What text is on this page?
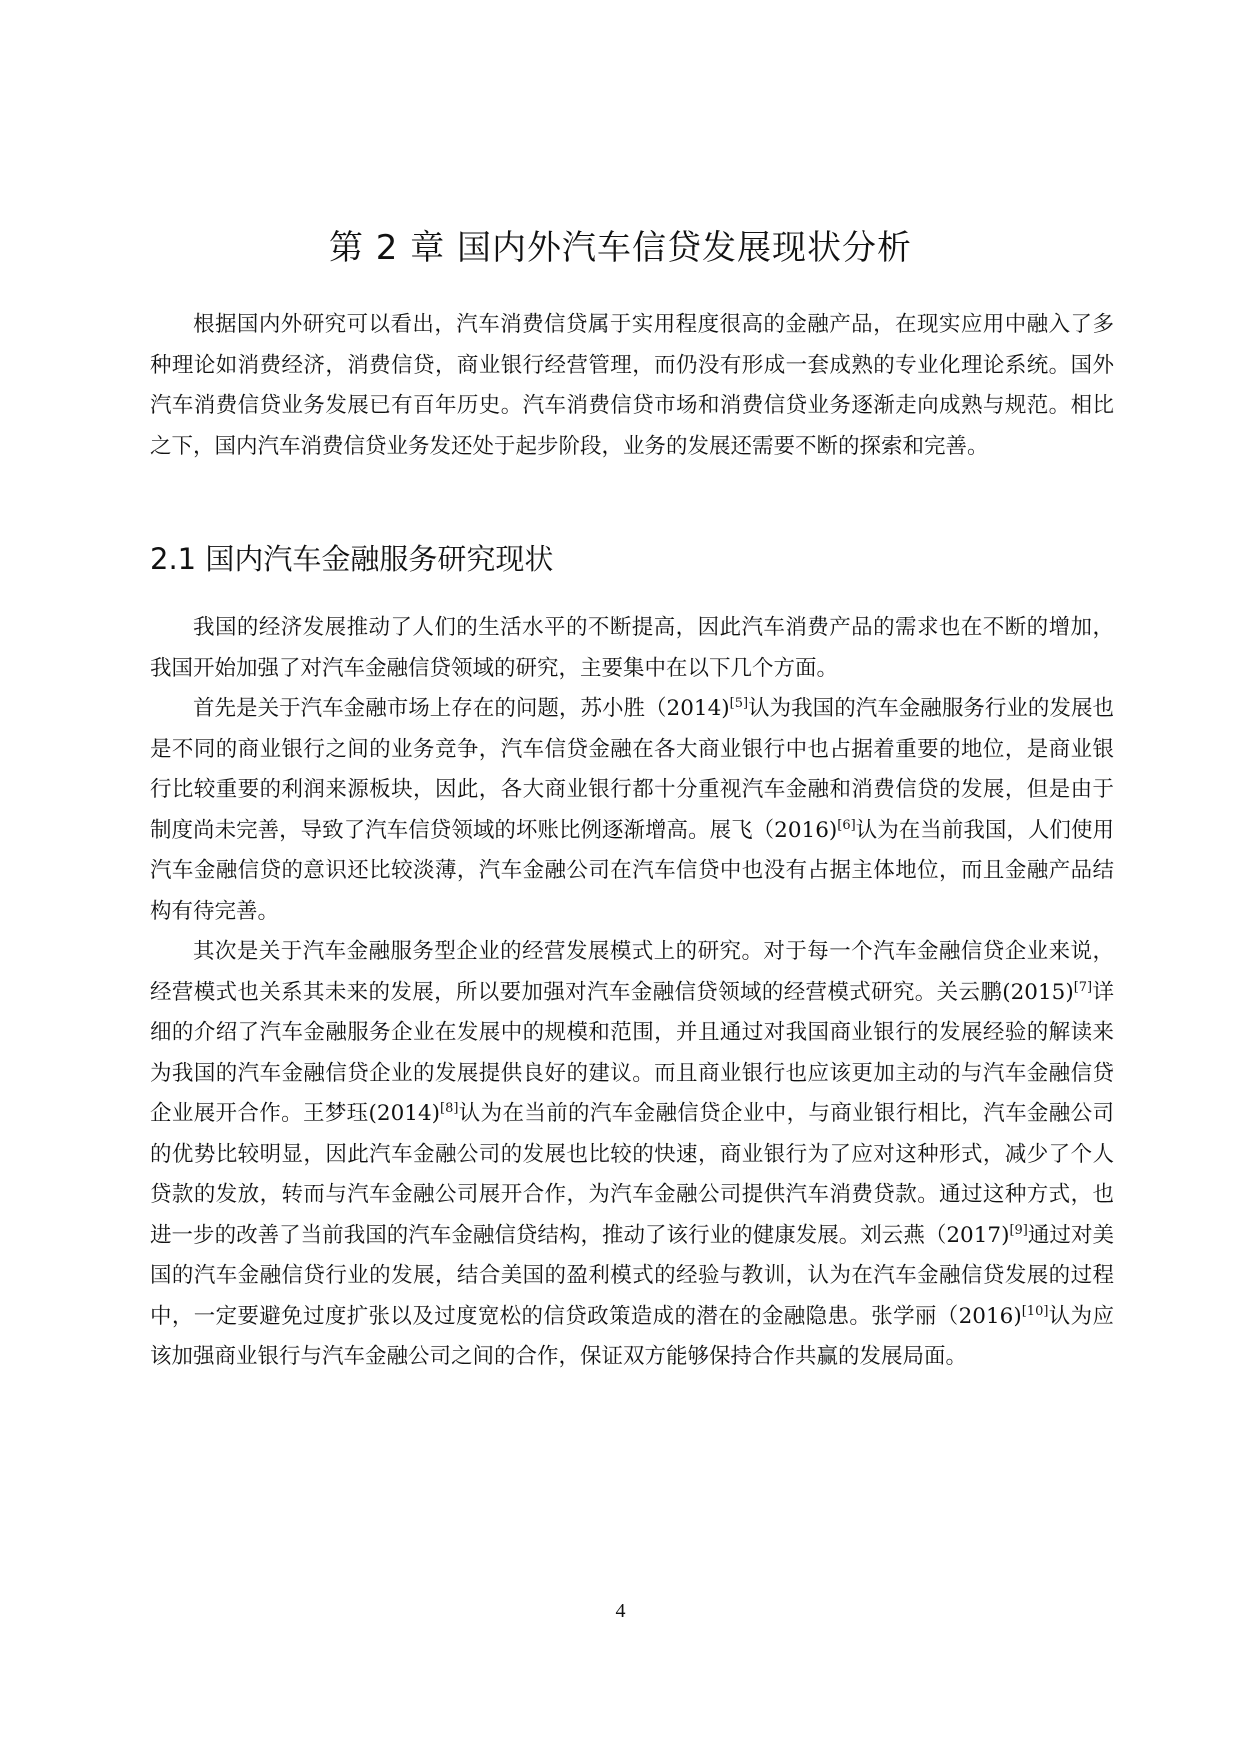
第 2 章 国内外汽车信贷发展现状分析

根据国内外研究可以看出，汽车消费信贷属于实用程度很高的金融产品，在现实应用中融入了多种理论如消费经济，消费信贷，商业银行经营管理，而仍没有形成一套成熟的专业化理论系统。国外汽车消费信贷业务发展已有百年历史。汽车消费信贷市场和消费信贷业务逐渐走向成熟与规范。相比之下，国内汽车消费信贷业务发还处于起步阶段，业务的发展还需要不断的探索和完善。

2.1 国内汽车金融服务研究现状

我国的经济发展推动了人们的生活水平的不断提高，因此汽车消费产品的需求也在不断的增加，我国开始加强了对汽车金融信贷领域的研究，主要集中在以下几个方面。

首先是关于汽车金融市场上存在的问题，苏小胜（2014)[5]认为我国的汽车金融服务行业的发展也是不同的商业银行之间的业务竞争，汽车信贷金融在各大商业银行中也占据着重要的地位，是商业银行比较重要的利润来源板块，因此，各大商业银行都十分重视汽车金融和消费信贷的发展，但是由于制度尚未完善，导致了汽车信贷领域的坏账比例逐渐增高。展飞（2016)[6]认为在当前我国，人们使用汽车金融信贷的意识还比较淡薄，汽车金融公司在汽车信贷中也没有占据主体地位，而且金融产品结构有待完善。

其次是关于汽车金融服务型企业的经营发展模式上的研究。对于每一个汽车金融信贷企业来说，经营模式也关系其未来的发展，所以要加强对汽车金融信贷领域的经营模式研究。关云鹏(2015)[7]详细的介绍了汽车金融服务企业在发展中的规模和范围，并且通过对我国商业银行的发展经验的解读来为我国的汽车金融信贷企业的发展提供良好的建议。而且商业银行也应该更加主动的与汽车金融信贷企业展开合作。王梦珏(2014)[8]认为在当前的汽车金融信贷企业中，与商业银行相比，汽车金融公司的优势比较明显，因此汽车金融公司的发展也比较的快速，商业银行为了应对这种形式，减少了个人贷款的发放，转而与汽车金融公司展开合作，为汽车金融公司提供汽车消费贷款。通过这种方式，也进一步的改善了当前我国的汽车金融信贷结构，推动了该行业的健康发展。刘云燕（2017)[9]通过对美国的汽车金融信贷行业的发展，结合美国的盈利模式的经验与教训，认为在汽车金融信贷发展的过程中，一定要避免过度扩张以及过度宽松的信贷政策造成的潜在的金融隐患。张学丽（2016)[10]认为应该加强商业银行与汽车金融公司之间的合作，保证双方能够保持合作共赢的发展局面。

4
